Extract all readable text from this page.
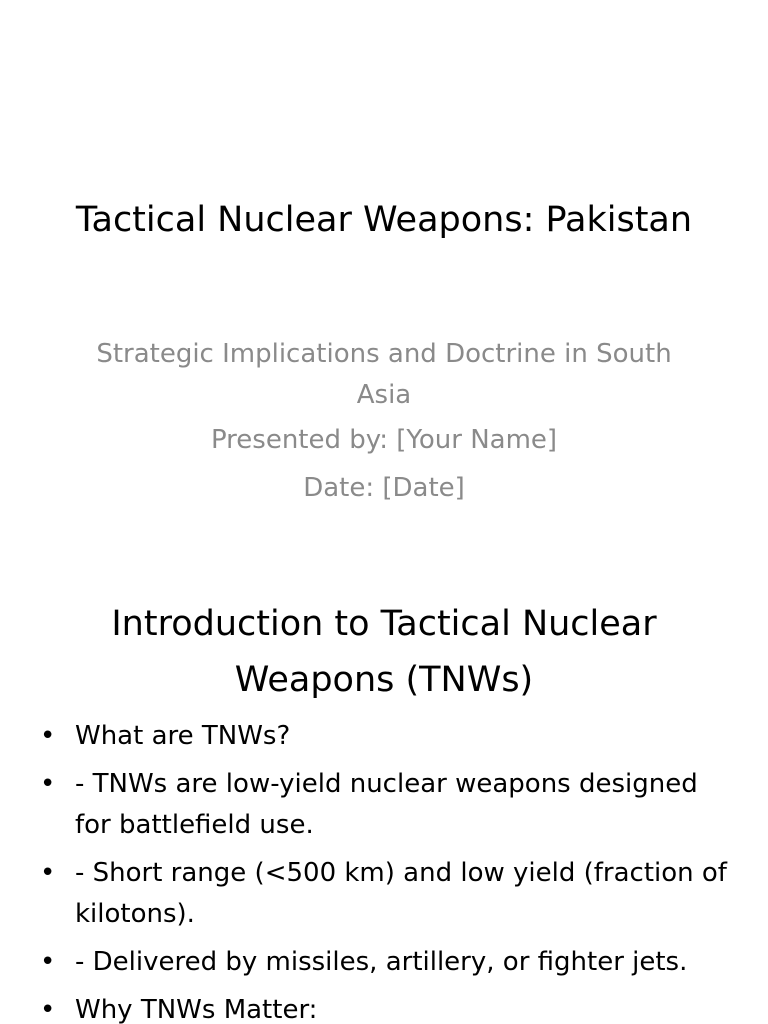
Tactical Nuclear Weapons: Pakistan

Strategic Implications and Doctrine in South Asia

Presented by: [Your Name]

Date: [Date]

Introduction to Tactical Nuclear Weapons (TNWs)
• What are TNWs?
• - TNWs are low-yield nuclear weapons designed for battlefield use.
• - Short range (<500 km) and low yield (fraction of kilotons).
• - Delivered by missiles, artillery, or fighter jets.
• Why TNWs Matter:
